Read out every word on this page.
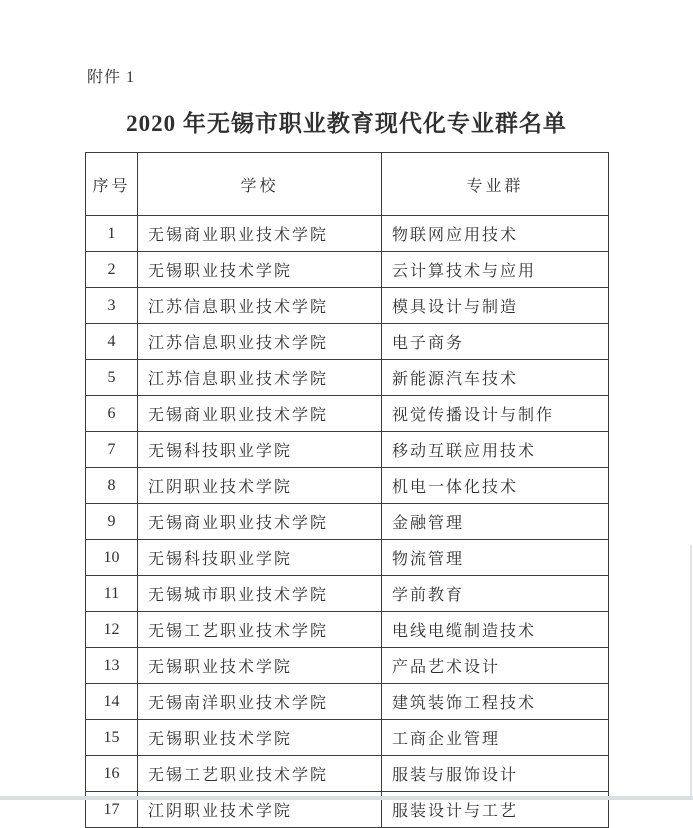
附件 1
2020 年无锡市职业教育现代化专业群名单
序号	学校	专业群
1	无锡商业职业技术学院	物联网应用技术
2	无锡职业技术学院	云计算技术与应用
3	江苏信息职业技术学院	模具设计与制造
4	江苏信息职业技术学院	电子商务
5	江苏信息职业技术学院	新能源汽车技术
6	无锡商业职业技术学院	视觉传播设计与制作
7	无锡科技职业学院	移动互联应用技术
8	江阴职业技术学院	机电一体化技术
9	无锡商业职业技术学院	金融管理
10	无锡科技职业学院	物流管理
11	无锡城市职业技术学院	学前教育
12	无锡工艺职业技术学院	电线电缆制造技术
13	无锡职业技术学院	产品艺术设计
14	无锡南洋职业技术学院	建筑装饰工程技术
15	无锡职业技术学院	工商企业管理
16	无锡工艺职业技术学院	服装与服饰设计
17	江阴职业技术学院	服装设计与工艺
